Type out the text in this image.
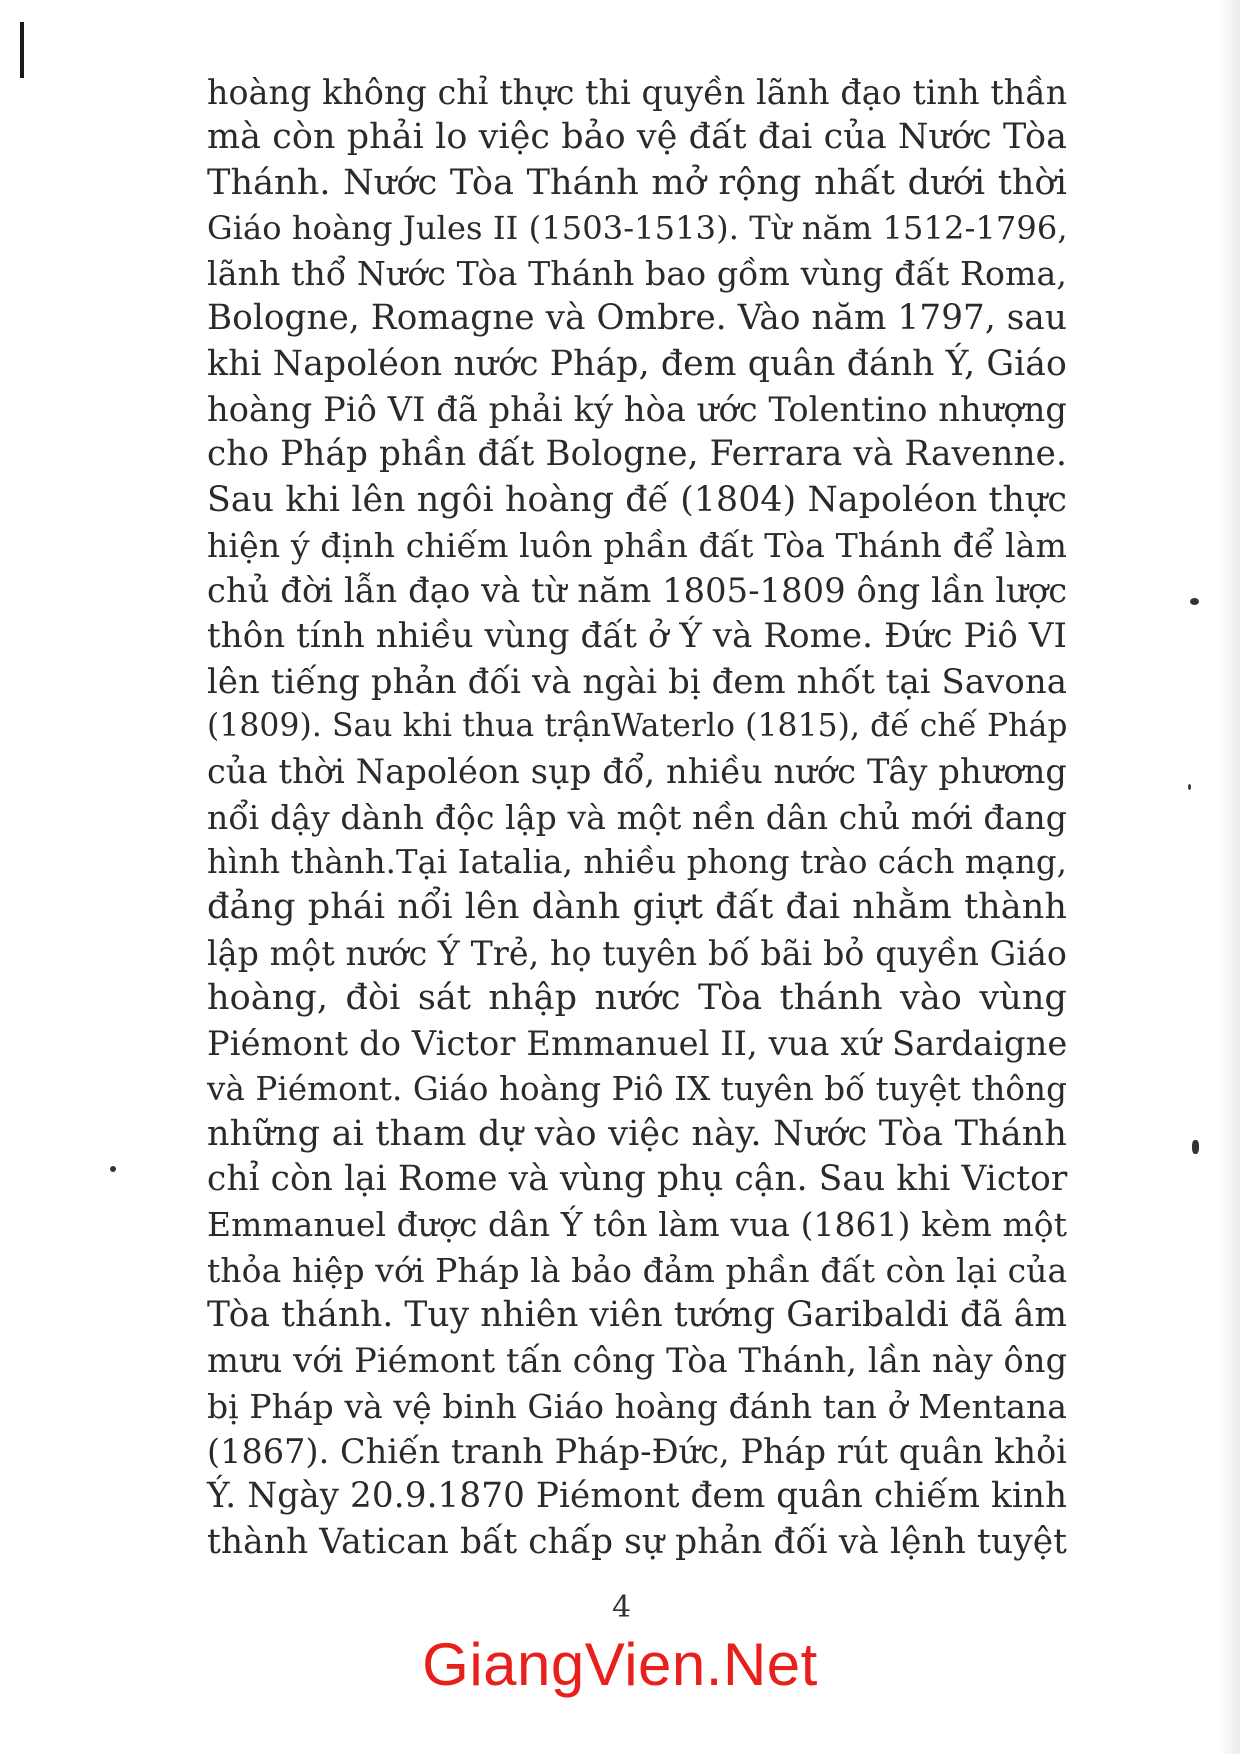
hoàng không chỉ thực thi quyền lãnh đạo tinh thần
mà còn phải lo việc bảo vệ đất đai của Nước Tòa
Thánh. Nước Tòa Thánh mở rộng nhất dưới thời
Giáo hoàng Jules II (1503-1513). Từ năm 1512-1796,
lãnh thổ Nước Tòa Thánh bao gồm vùng đất Roma,
Bologne, Romagne và Ombre. Vào năm 1797, sau
khi Napoléon nước Pháp, đem quân đánh Ý, Giáo
hoàng Piô VI đã phải ký hòa ước Tolentino nhượng
cho Pháp phần đất Bologne, Ferrara và Ravenne.
Sau khi lên ngôi hoàng đế (1804) Napoléon thực
hiện ý định chiếm luôn phần đất Tòa Thánh để làm
chủ đời lẫn đạo và từ năm 1805-1809 ông lần lược
thôn tính nhiều vùng đất ở Ý và Rome. Đức Piô VI
lên tiếng phản đối và ngài bị đem nhốt tại Savona
(1809). Sau khi thua trậnWaterlo (1815), đế chế Pháp
của thời Napoléon sụp đổ, nhiều nước Tây phương
nổi dậy dành độc lập và một nền dân chủ mới đang
hình thành.Tại Iatalia, nhiều phong trào cách mạng,
đảng phái nổi lên dành giựt đất đai nhằm thành
lập một nước Ý Trẻ, họ tuyên bố bãi bỏ quyền Giáo
hoàng, đòi sát nhập nước Tòa thánh vào vùng
Piémont do Victor Emmanuel II, vua xứ Sardaigne
và Piémont. Giáo hoàng Piô IX tuyên bố tuyệt thông
những ai tham dự vào việc này. Nước Tòa Thánh
chỉ còn lại Rome và vùng phụ cận. Sau khi Victor
Emmanuel được dân Ý tôn làm vua (1861) kèm một
thỏa hiệp với Pháp là bảo đảm phần đất còn lại của
Tòa thánh. Tuy nhiên viên tướng Garibaldi đã âm
mưu với Piémont tấn công Tòa Thánh, lần này ông
bị Pháp và vệ binh Giáo hoàng đánh tan ở Mentana
(1867). Chiến tranh Pháp-Đức, Pháp rút quân khỏi
Ý. Ngày 20.9.1870 Piémont đem quân chiếm kinh
thành Vatican bất chấp sự phản đối và lệnh tuyệt
4
GiangVien.Net
